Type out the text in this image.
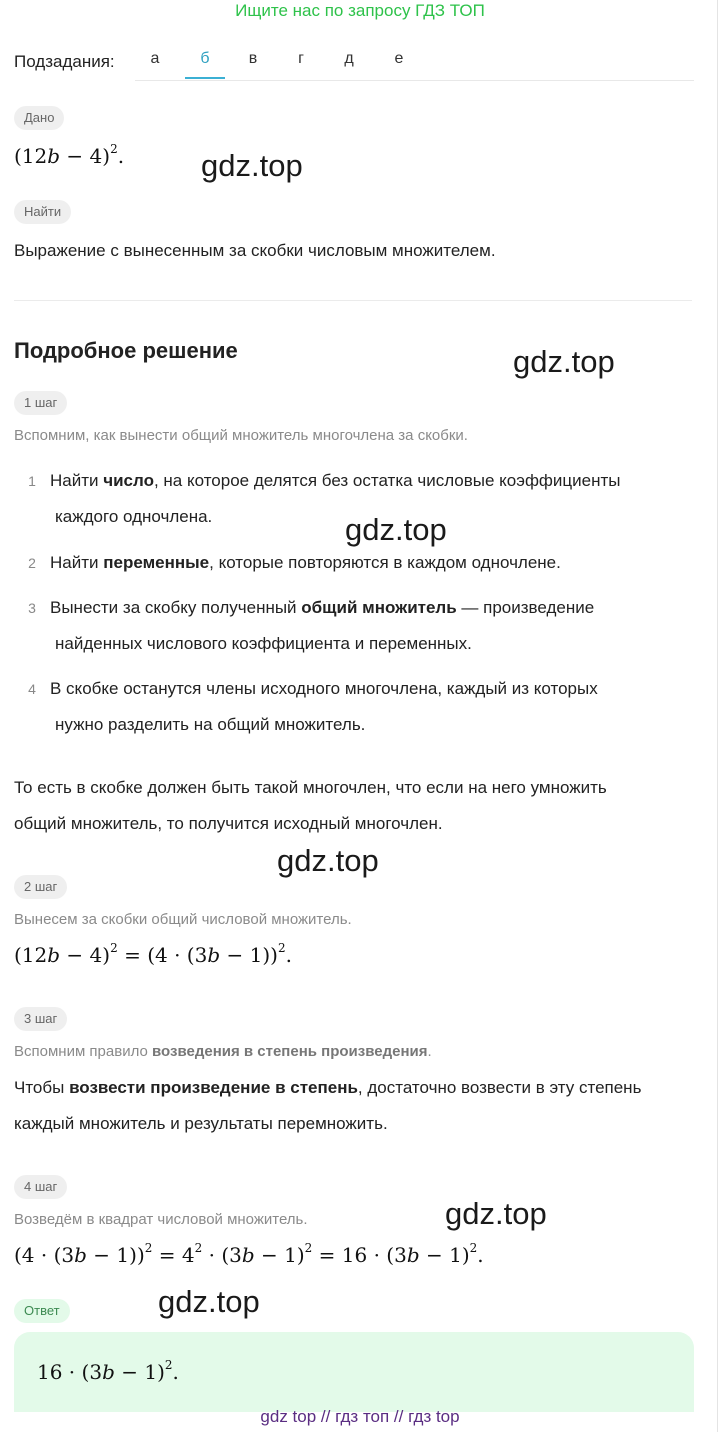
Ищите нас по запросу ГДЗ ТОП
Подзадания:	а	б	в	г	д	е
Дано
$(12b - 4)^2$.
Найти
Выражение с вынесенным за скобки числовым множителем.
Подробное решение
1 шаг
Вспомним, как вынести общий множитель многочлена за скобки.
1 Найти число, на которое делятся без остатка числовые коэффициенты
каждого одночлена.
2 Найти переменные, которые повторяются в каждом одночлене.
3 Вынести за скобку полученный общий множитель — произведение
найденных числового коэффициента и переменных.
4 В скобке останутся члены исходного многочлена, каждый из которых
нужно разделить на общий множитель.
То есть в скобке должен быть такой многочлен, что если на него умножить
общий множитель, то получится исходный многочлен.
2 шаг
Вынесем за скобки общий числовой множитель.
$(12b - 4)^2 = (4 \cdot (3b - 1))^2$.
3 шаг
Вспомним правило возведения в степень произведения.
Чтобы возвести произведение в степень, достаточно возвести в эту степень
каждый множитель и результаты перемножить.
4 шаг
Возведём в квадрат числовой множитель.
$(4 \cdot (3b - 1))^2 = 4^2 \cdot (3b - 1)^2 = 16 \cdot (3b - 1)^2$.
Ответ
$16 \cdot (3b - 1)^2$.
gdz.top
gdz.top
gdz.top
gdz.top
gdz.top
gdz.top
gdz top // гдз топ // гдз top
